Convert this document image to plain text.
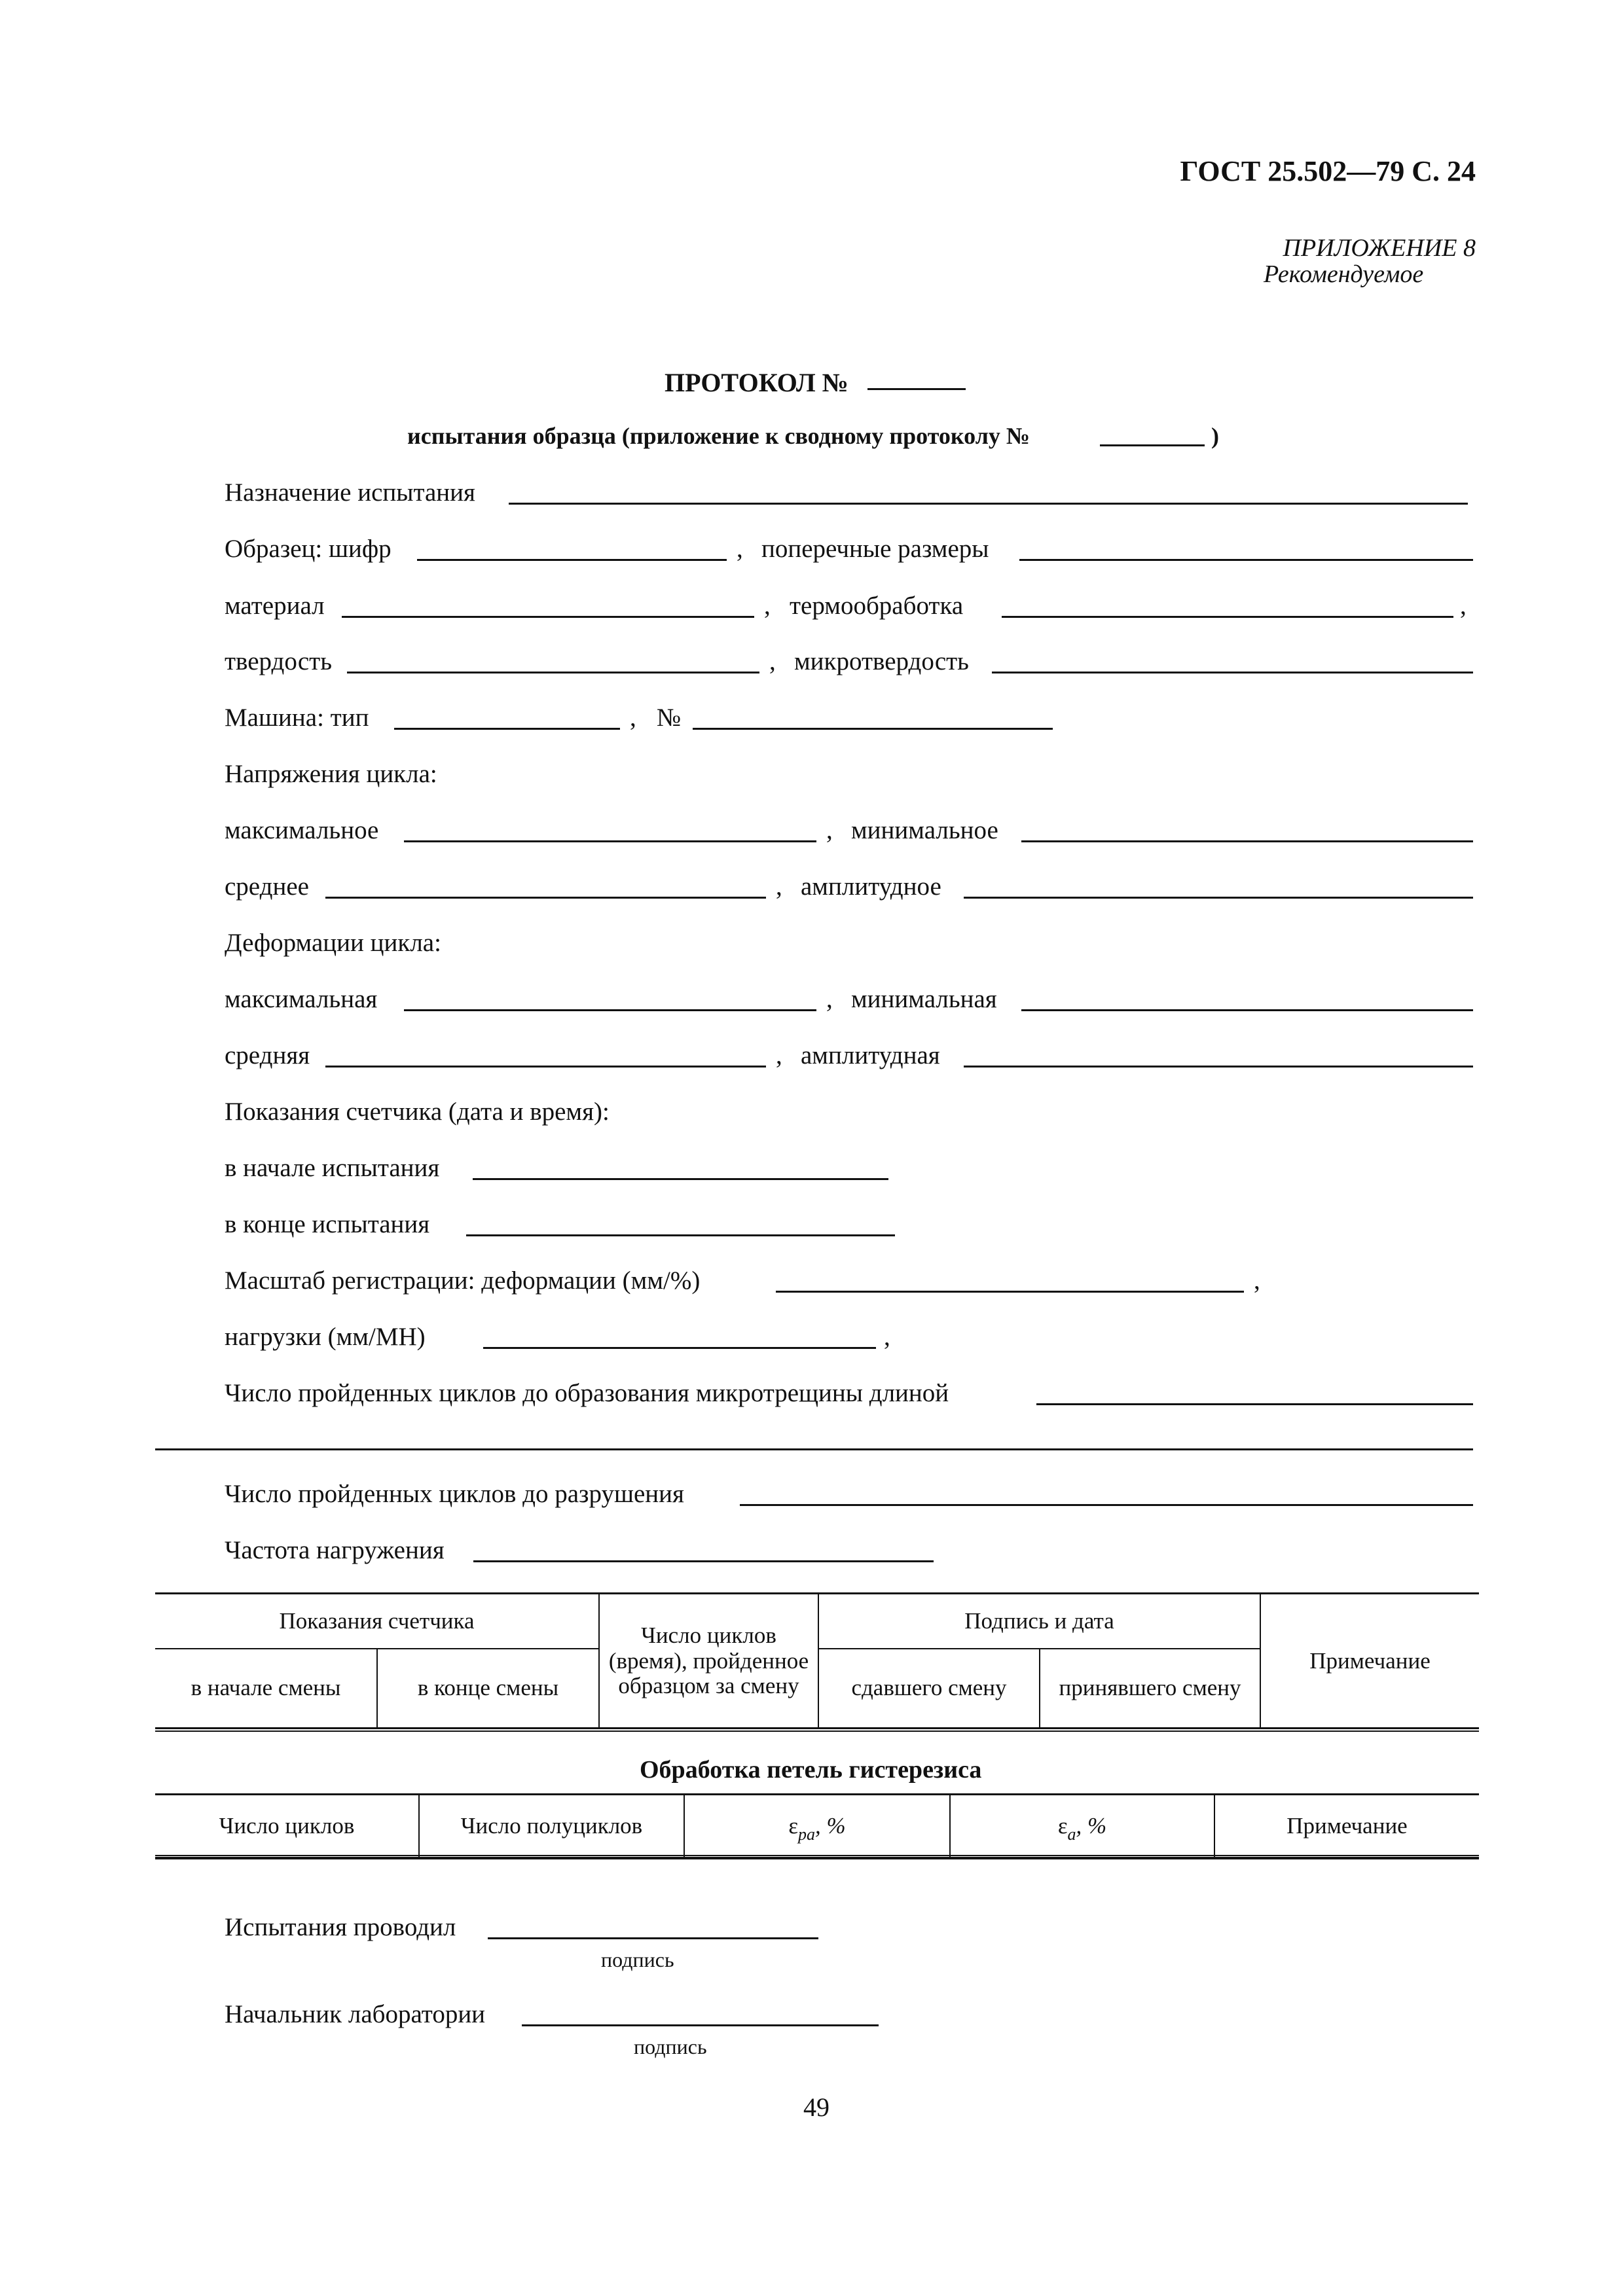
ГОСТ 25.502—79 С. 24
ПРИЛОЖЕНИЕ 8
Рекомендуемое
ПРОТОКОЛ №
испытания образца (приложение к сводному протоколу №	)
Назначение испытания
Образец: шифр	, поперечные размеры
материал	, термообработка	,
твердость	, микротвердость
Машина: тип	, №
Напряжения цикла:
максимальное	, минимальное
среднее	, амплитудное
Деформации цикла:
максимальная	, минимальная
средняя	, амплитудная
Показания счетчика (дата и время):
в начале испытания
в конце испытания
Масштаб регистрации: деформации (мм/%)	,
нагрузки (мм/МН)	,
Число пройденных циклов до образования микротрещины длиной
Число пройденных циклов до разрушения
Частота нагружения
Показания счетчика		Число циклов (время), пройденное образцом за смену	Подпись и дата		Примечание
в начале смены	в конце смены		сдавшего смену	принявшего смену	
Обработка петель гистерезиса
Число циклов	Число полуциклов	$\varepsilon_{pa}$, %	$\varepsilon_a$, %	Примечание
Испытания проводил
подпись
Начальник лаборатории
подпись
49
